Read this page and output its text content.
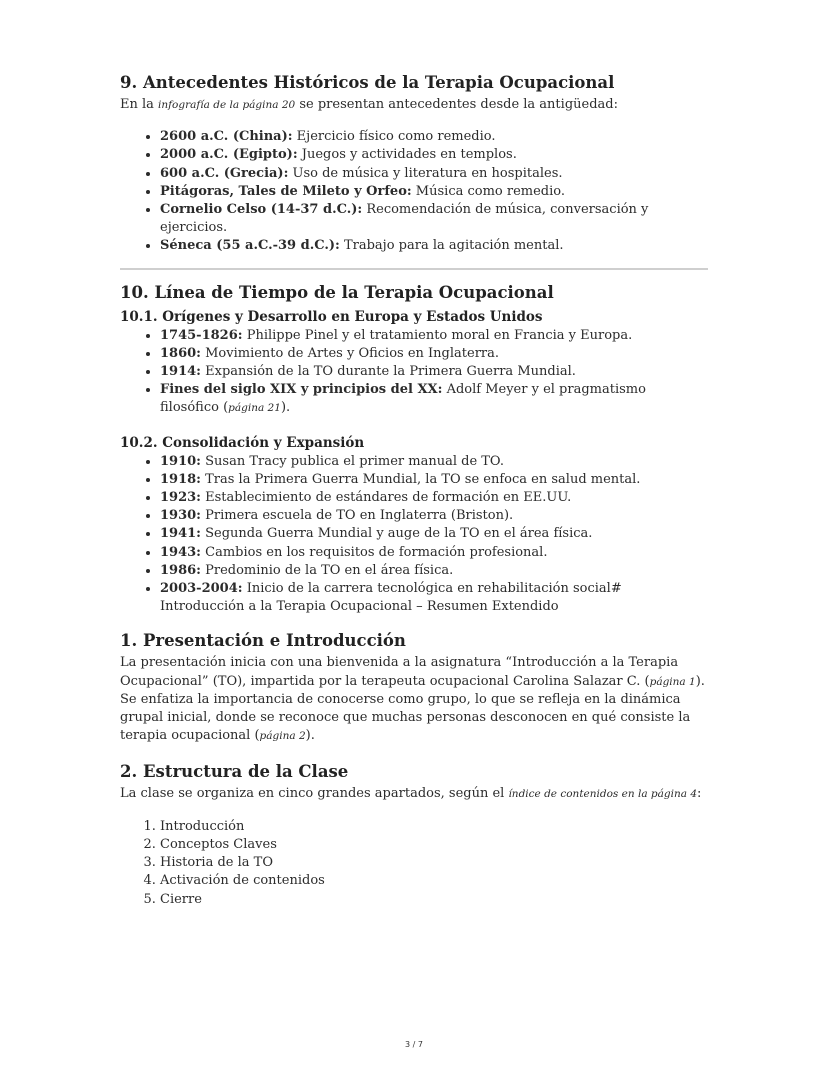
9. Antecedentes Históricos de la Terapia Ocupacional

En la infografía de la página 20 se presentan antecedentes desde la antigüedad:

• 2600 a.C. (China): Ejercicio físico como remedio.
• 2000 a.C. (Egipto): Juegos y actividades en templos.
• 600 a.C. (Grecia): Uso de música y literatura en hospitales.
• Pitágoras, Tales de Mileto y Orfeo: Música como remedio.
• Cornelio Celso (14-37 d.C.): Recomendación de música, conversación y ejercicios.
• Séneca (55 a.C.-39 d.C.): Trabajo para la agitación mental.
10. Línea de Tiempo de la Terapia Ocupacional
10.1. Orígenes y Desarrollo en Europa y Estados Unidos
• 1745-1826: Philippe Pinel y el tratamiento moral en Francia y Europa.
• 1860: Movimiento de Artes y Oficios en Inglaterra.
• 1914: Expansión de la TO durante la Primera Guerra Mundial.
• Fines del siglo XIX y principios del XX: Adolf Meyer y el pragmatismo filosófico (página 21).
10.2. Consolidación y Expansión
• 1910: Susan Tracy publica el primer manual de TO.
• 1918: Tras la Primera Guerra Mundial, la TO se enfoca en salud mental.
• 1923: Establecimiento de estándares de formación en EE.UU.
• 1930: Primera escuela de TO en Inglaterra (Briston).
• 1941: Segunda Guerra Mundial y auge de la TO en el área física.
• 1943: Cambios en los requisitos de formación profesional.
• 1986: Predominio de la TO en el área física.
• 2003-2004: Inicio de la carrera tecnológica en rehabilitación social# Introducción a la Terapia Ocupacional – Resumen Extendido
1. Presentación e Introducción

La presentación inicia con una bienvenida a la asignatura “Introducción a la Terapia Ocupacional” (TO), impartida por la terapeuta ocupacional Carolina Salazar C. (página 1). Se enfatiza la importancia de conocerse como grupo, lo que se refleja en la dinámica grupal inicial, donde se reconoce que muchas personas desconocen en qué consiste la terapia ocupacional (página 2).

2. Estructura de la Clase

La clase se organiza en cinco grandes apartados, según el índice de contenidos en la página 4:

1. Introducción
2. Conceptos Claves
3. Historia de la TO
4. Activación de contenidos
5. Cierre
3 / 7
